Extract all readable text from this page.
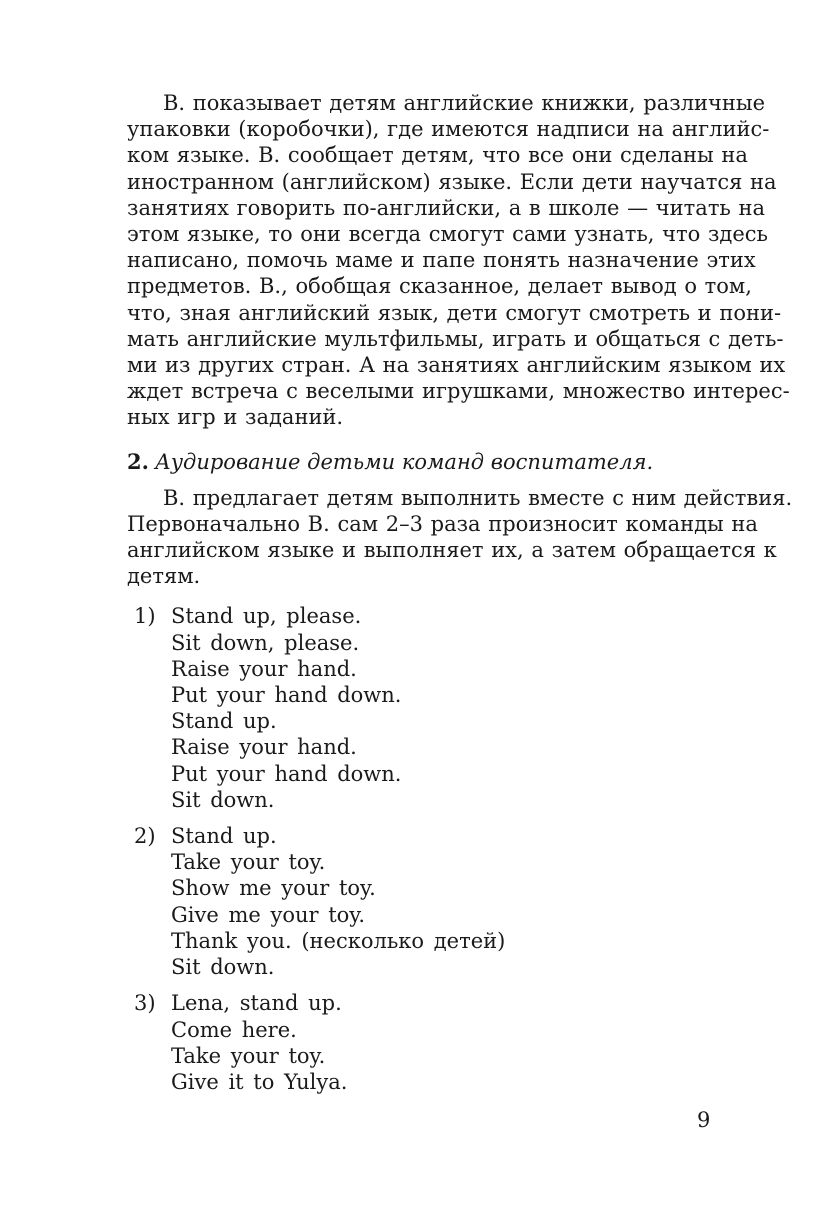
В. показывает детям английские книжки, различные
упаковки (коробочки), где имеются надписи на английс-
ком языке. В. сообщает детям, что все они сделаны на
иностранном (английском) языке. Если дети научатся на
занятиях говорить по-английски, а в школе — читать на
этом языке, то они всегда смогут сами узнать, что здесь
написано, помочь маме и папе понять назначение этих
предметов. В., обобщая сказанное, делает вывод о том,
что, зная английский язык, дети смогут смотреть и пони-
мать английские мультфильмы, играть и общаться с деть-
ми из других стран. А на занятиях английским языком их
ждет встреча с веселыми игрушками, множество интерес-
ных игр и заданий.

2. Аудирование детьми команд воспитателя.

В. предлагает детям выполнить вместе с ним действия.
Первоначально В. сам 2–3 раза произносит команды на
английском языке и выполняет их, а затем обращается к
детям.

1) Stand up, please.
Sit down, please.
Raise your hand.
Put your hand down.
Stand up.
Raise your hand.
Put your hand down.
Sit down.
2) Stand up.
Take your toy.
Show me your toy.
Give me your toy.
Thank you. (несколько детей)
Sit down.
3) Lena, stand up.
Come here.
Take your toy.
Give it to Yulya.
9
